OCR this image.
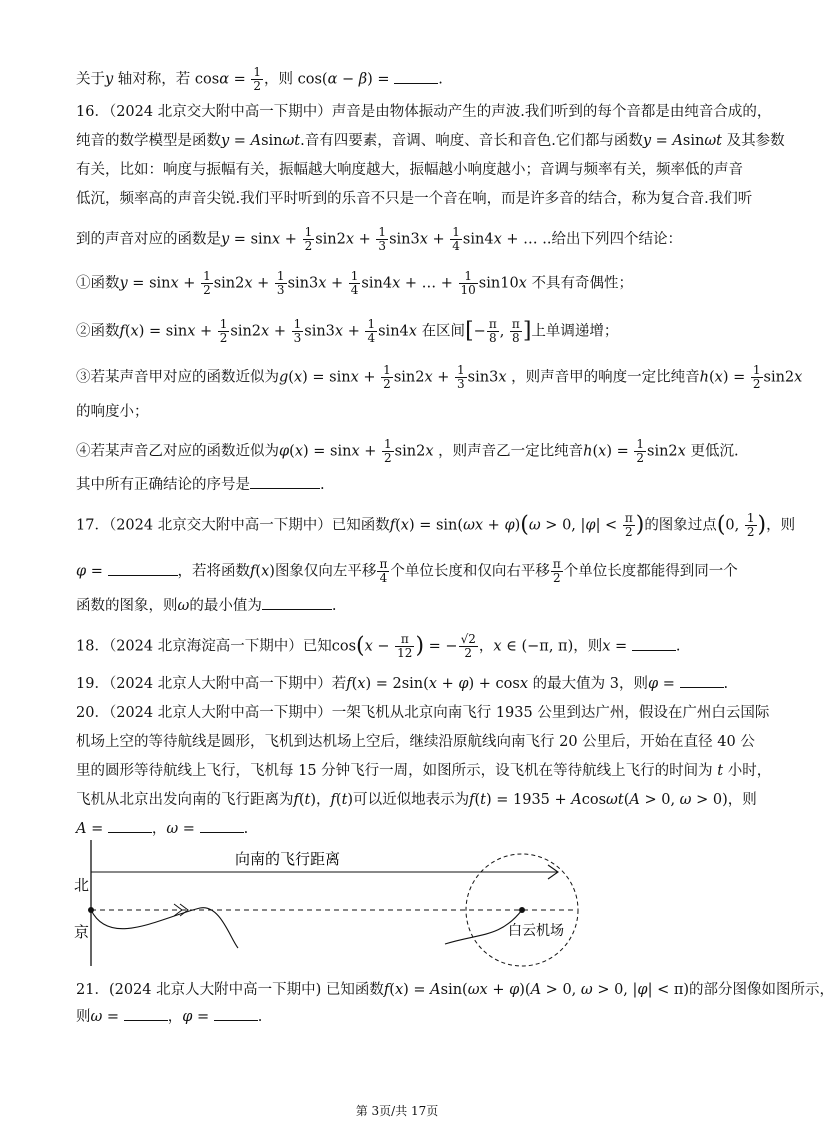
关于y 轴对称，若 $\cos\alpha = \frac{1}{2}$ ，则 cos(α − β) =	.
16．（2024 北京交大附中高一下期中）声音是由物体振动产生的声波.我们听到的每个音都是由纯音合成的，
纯音的数学模型是函数y = Asinωt.音有四要素，音调、响度、音长和音色.它们都与函数y = Asinωt 及其参数
有关，比如：响度与振幅有关，振幅越大响度越大，振幅越小响度越小；音调与频率有关，频率低的声音
低沉，频率高的声音尖锐.我们平时听到的乐音不只是一个音在响，而是许多音的结合，称为复合音.我们听
到的声音对应的函数是$y = \sin x + \frac{1}{2} \sin 2x + \frac{1}{3} \sin 3x + \frac{1}{4} \sin 4x$ + … ..给出下列四个结论：
①函数$y = \sin x + \frac{1}{2} \sin 2x + \frac{1}{3} \sin 3x + \frac{1}{4} \sin 4x$ + … + $\frac{1}{10} \sin 10x$ 不具有奇偶性；
②函数$f(x) = \sin x + \frac{1}{2} \sin 2x + \frac{1}{3} \sin 3x + \frac{1}{4} \sin 4x$ 在区间[− $\frac{\pi}{8}$ , $\frac{\pi}{8}$ ]上单调递增；
③若某声音甲对应的函数近似为$g(x) = \sin x + \frac{1}{2} \sin 2x + \frac{1}{3} \sin 3x$ ，则声音甲的响度一定比纯音$h(x) = \frac{1}{2} \sin 2x$
的响度小；
④若某声音乙对应的函数近似为$\varphi(x) = \sin x + \frac{1}{2} \sin 2x$ ，则声音乙一定比纯音$h(x) = \frac{1}{2} \sin 2x$ 更低沉.
其中所有正确结论的序号是	.
17．（2024 北京交大附中高一下期中）已知函数f(x) = sin(ωx + φ)(ω > 0, $|\varphi| < \frac{\pi}{2}$ )的图象过点(0, $\frac{1}{2}$ )，则
φ =	，若将函数f(x)图象仅向左平移 $\frac{\pi}{4}$ 个单位长度和仅向右平移 $\frac{\pi}{2}$ 个单位长度都能得到同一个
函数的图象，则ω的最小值为	.
18．（2024 北京海淀高一下期中）已知$\cos(x - \frac{\pi}{12}$ ) = − $\frac{√2}{2}$ ，x ∈ (−π, π)，则x =	.
19．（2024 北京人大附中高一下期中）若f(x) = 2sin(x + φ) + cosx 的最大值为 3，则φ =	.
20．（2024 北京人大附中高一下期中）一架飞机从北京向南飞行 1935 公里到达广州，假设在广州白云国际
机场上空的等待航线是圆形，飞机到达机场上空后，继续沿原航线向南飞行 20 公里后，开始在直径 40 公
里的圆形等待航线上飞行，飞机每 15 分钟飞行一周，如图所示，设飞机在等待航线上飞行的时间为 t 小时，
飞机从北京出发向南的飞行距离为f(t)，f(t)可以近似地表示为f(t) = 1935 + Acosωt(A > 0, ω > 0)，则
A =	，ω =	.
向南的飞行距离
北
京	白云机场
21．(2024 北京人大附中高一下期中) 已知函数f(x) = Asin(ωx + φ)(A > 0, ω > 0, |φ| < π)的部分图像如图所示，
则ω =	，φ =	.
第 3页/共 17页
